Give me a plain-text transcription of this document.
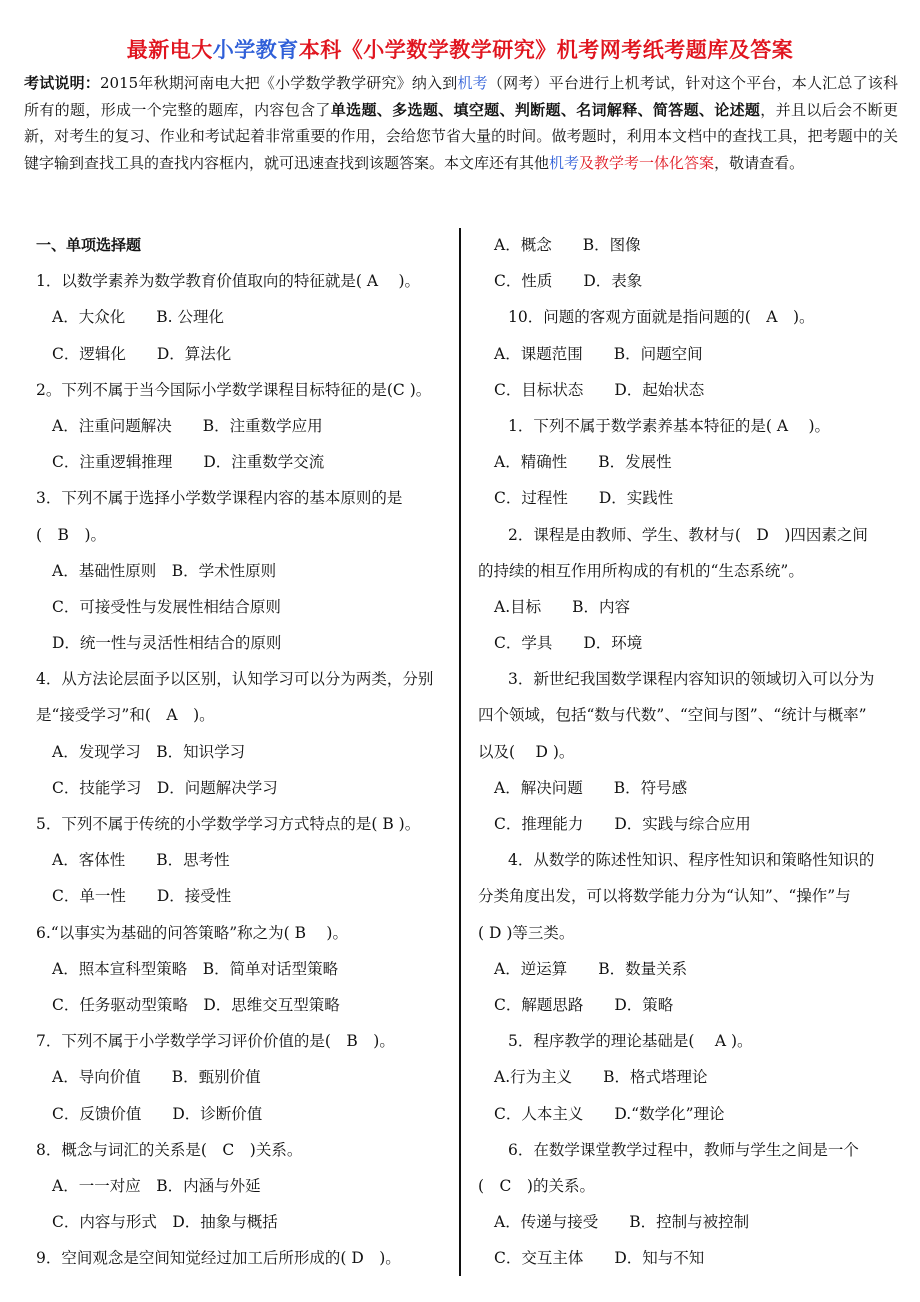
最新电大小学教育本科《小学数学教学研究》机考网考纸考题库及答案
考试说明：2015年秋期河南电大把《小学数学教学研究》纳入到机考（网考）平台进行上机考试，针对这个平台，本人汇总了该科所有的题，形成一个完整的题库，内容包含了单选题、多选题、填空题、判断题、名词解释、简答题、论述题，并且以后会不断更新，对考生的复习、作业和考试起着非常重要的作用，会给您节省大量的时间。做考题时，利用本文档中的查找工具，把考题中的关键字输到查找工具的查找内容框内，就可迅速查找到该题答案。本文库还有其他机考及教学考一体化答案，敬请查看。
一、单项选择题
1．以数学素养为数学教育价值取向的特征就是( A　 )。
A．大众化　　B. 公理化
C．逻辑化　　D．算法化
2。下列不属于当今国际小学数学课程目标特征的是(C )。
A．注重问题解决　　B．注重数学应用
C．注重逻辑推理　　D．注重数学交流
3．下列不属于选择小学数学课程内容的基本原则的是
(　B　)。
A．基础性原则　B．学术性原则
C．可接受性与发展性相结合原则
D．统一性与灵活性相结合的原则
4．从方法论层面予以区别，认知学习可以分为两类，分别
是“接受学习”和(　A　)。
A．发现学习　B．知识学习
C．技能学习　D．问题解决学习
5．下列不属于传统的小学数学学习方式特点的是( B )。
A．客体性　　B．思考性
C．单一性　　D．接受性
6.“以事实为基础的问答策略”称之为( B　 )。
A．照本宣科型策略　B．简单对话型策略
C．任务驱动型策略　D．思维交互型策略
7．下列不属于小学数学学习评价价值的是(　B　)。
A．导向价值　　B．甄别价值
C．反馈价值　　D．诊断价值
8．概念与词汇的关系是(　C　)关系。
A．一一对应　B．内涵与外延
C．内容与形式　D．抽象与概括
9．空间观念是空间知觉经过加工后所形成的( D　)。
A．概念　　B．图像
C．性质　　D．表象
10．问题的客观方面就是指问题的(　A　)。
A．课题范围　　B．问题空间
C．目标状态　　D．起始状态
1．下列不属于数学素养基本特征的是( A　 )。
A．精确性　　B．发展性
C．过程性　　D．实践性
2．课程是由教师、学生、教材与(　D　)四因素之间
的持续的相互作用所构成的有机的“生态系统”。
A.目标　　B．内容
C．学具　　D．环境
3．新世纪我国数学课程内容知识的领域切入可以分为
四个领域，包括“数与代数”、“空间与图”、“统计与概率”
以及(　 D )。
A．解决问题　　B．符号感
C．推理能力　　D．实践与综合应用
4．从数学的陈述性知识、程序性知识和策略性知识的
分类角度出发，可以将数学能力分为“认知”、“操作”与
( D )等三类。
A．逆运算　　B．数量关系
C．解题思路　　D．策略
5．程序教学的理论基础是(　 A )。
A.行为主义　　B．格式塔理论
C．人本主义　　D.“数学化”理论
6．在数学课堂教学过程中，教师与学生之间是一个
(　C　)的关系。
A．传递与接受　　B．控制与被控制
C．交互主体　　D．知与不知
